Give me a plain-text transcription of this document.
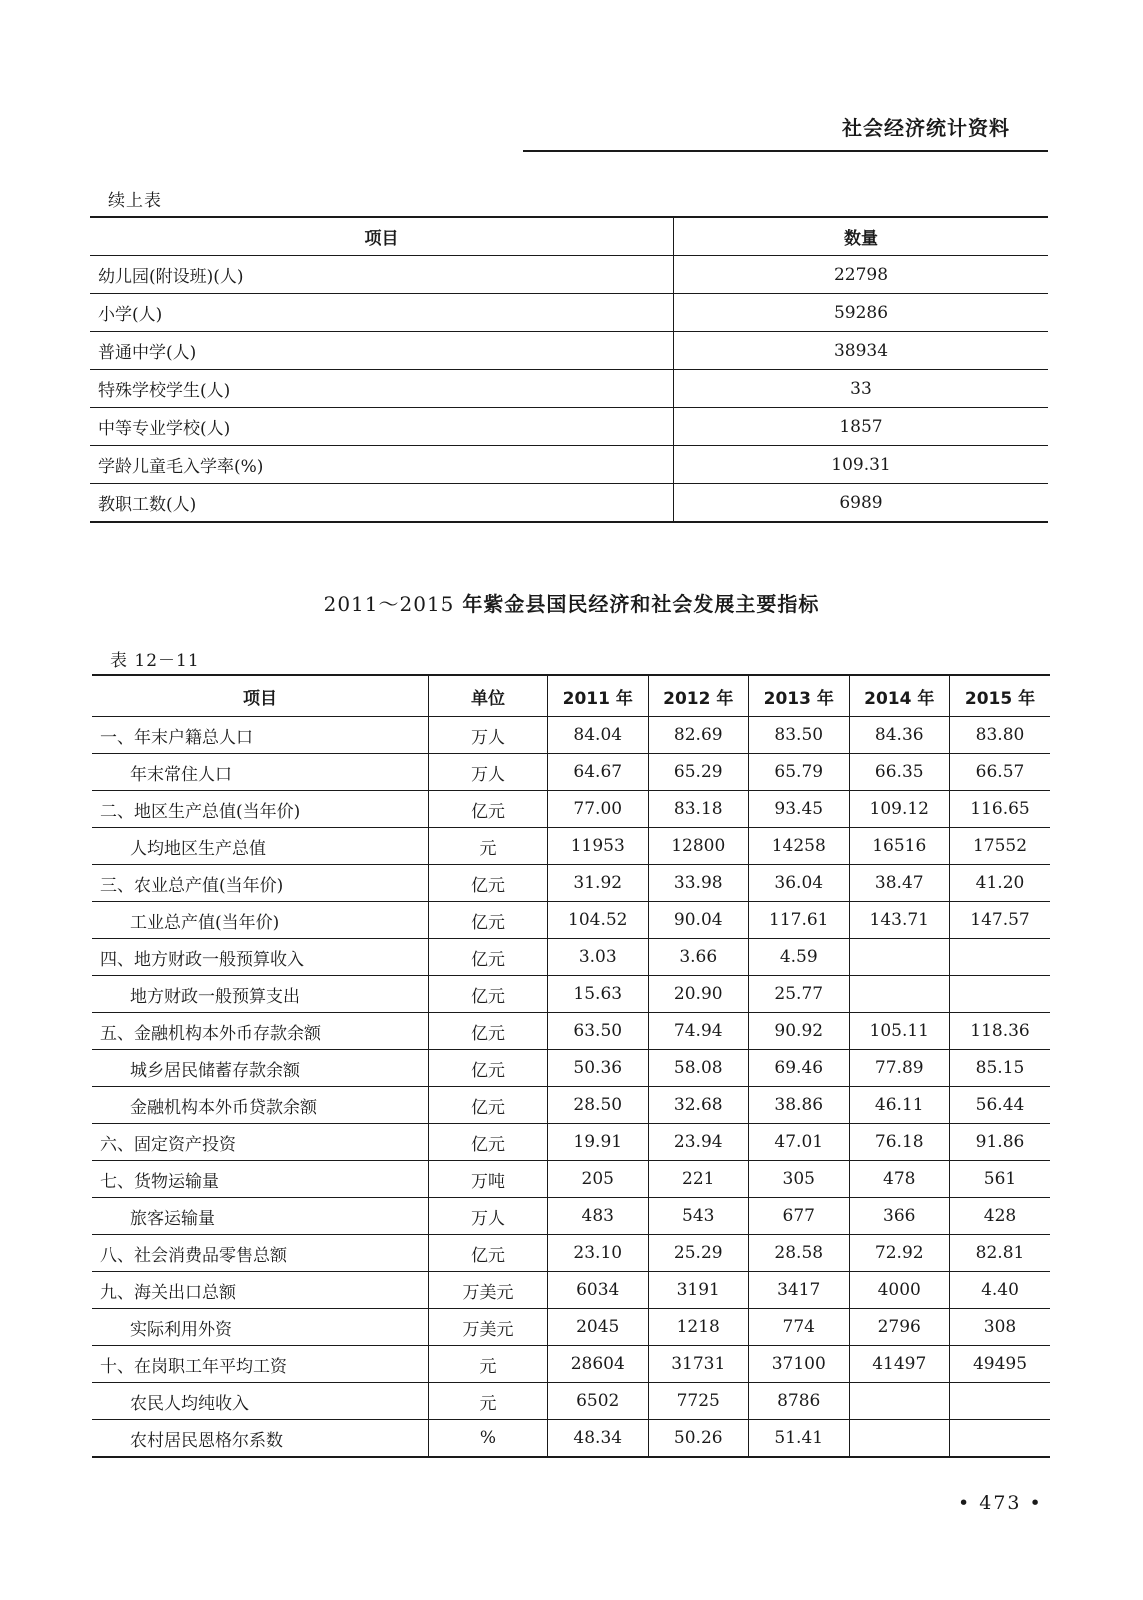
社会经济统计资料
续上表
项目	数量
幼儿园(附设班)(人)	22798
小学(人)	59286
普通中学(人)	38934
特殊学校学生(人)	33
中等专业学校(人)	1857
学龄儿童毛入学率(%)	109.31
教职工数(人)	6989
2011～2015 年紫金县国民经济和社会发展主要指标
表 12－11
项目	单位	2011 年	2012 年	2013 年	2014 年	2015 年
一、年末户籍总人口	万人	84.04	82.69	83.50	84.36	83.80
年末常住人口	万人	64.67	65.29	65.79	66.35	66.57
二、地区生产总值(当年价)	亿元	77.00	83.18	93.45	109.12	116.65
人均地区生产总值	元	11953	12800	14258	16516	17552
三、农业总产值(当年价)	亿元	31.92	33.98	36.04	38.47	41.20
工业总产值(当年价)	亿元	104.52	90.04	117.61	143.71	147.57
四、地方财政一般预算收入	亿元	3.03	3.66	4.59		
地方财政一般预算支出	亿元	15.63	20.90	25.77		
五、金融机构本外币存款余额	亿元	63.50	74.94	90.92	105.11	118.36
城乡居民储蓄存款余额	亿元	50.36	58.08	69.46	77.89	85.15
金融机构本外币贷款余额	亿元	28.50	32.68	38.86	46.11	56.44
六、固定资产投资	亿元	19.91	23.94	47.01	76.18	91.86
七、货物运输量	万吨	205	221	305	478	561
旅客运输量	万人	483	543	677	366	428
八、社会消费品零售总额	亿元	23.10	25.29	28.58	72.92	82.81
九、海关出口总额	万美元	6034	3191	3417	4000	4.40
实际利用外资	万美元	2045	1218	774	2796	308
十、在岗职工年平均工资	元	28604	31731	37100	41497	49495
农民人均纯收入	元	6502	7725	8786		
农村居民恩格尔系数	%	48.34	50.26	51.41		
• 473 •
